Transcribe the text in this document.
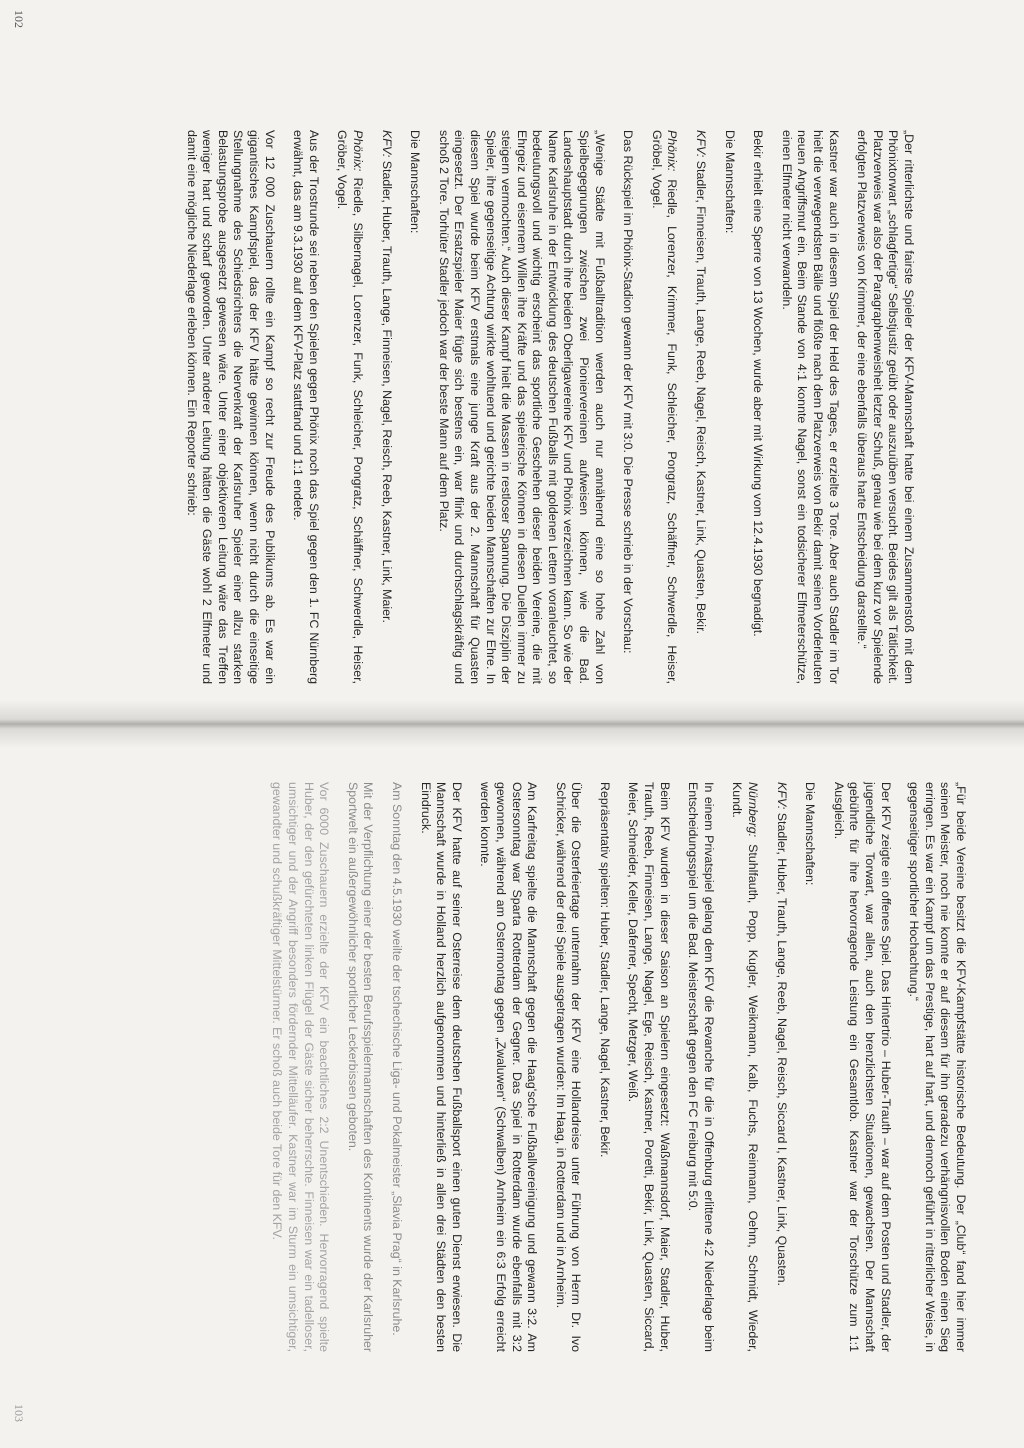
„Der ritterlichste und fairste Spieler der KFV-Mannschaft hatte bei einem Zusammenstoß mit dem Phönixtorwart „schlagfertige“ Selbstjustiz geübt oder auszuüben versucht. Beides gilt als Tätlichkeit. Platzverweis war also der Paragraphenweisheit letzter Schuß, genau wie bei dem kurz vor Spielende erfolgten Platzverweis von Krimmer, der eine ebenfalls überaus harte Entscheidung darstellte.“

Kastner war auch in diesem Spiel der Held des Tages, er erzielte 3 Tore. Aber auch Stadler im Tor hielt die verwegendsten Bälle und flößte nach dem Platzverweis von Bekir damit seinen Vorderleuten neuen Angriffsmut ein. Beim Stande von 4:1 konnte Nagel, sonst ein todsicherer Elfmeterschütze, einen Elfmeter nicht verwandeln.

Bekir erhielt eine Sperre von 13 Wochen, wurde aber mit Wirkung vom 12.4.1930 begnadigt.

Die Mannschaften:

KFV: Stadler, Finneisen, Trauth, Lange, Reeb, Nagel, Reisch, Kastner, Link, Quasten, Bekir.

Phönix: Riedle, Lorenzer, Krimmer, Funk, Schleicher, Pongratz, Schäffner, Schwerdle, Heiser, Gröbel, Vogel.

Das Rückspiel im Phönix-Stadion gewann der KFV mit 3:0. Die Presse schrieb in der Vorschau:

„Wenige Städte mit Fußballtradition werden auch nur annähernd eine so hohe Zahl von Spielbegegnungen zwischen zwei Pioniervereinen aufweisen können, wie die Bad. Landeshauptstadt durch ihre beiden Oberligavereine KFV und Phönix verzeichnen kann. So wie der Name Karlsruhe in der Entwicklung des deutschen Fußballs mit goldenen Lettern voranleuchtet, so bedeutungsvoll und wichtig erscheint das sportliche Geschehen dieser beiden Vereine, die mit Ehrgeiz und eisernem Willen ihre Kräfte und das spielerische Können in diesen Duellen immer zu steigern vermochten.“ Auch dieser Kampf hielt die Massen in restloser Spannung. Die Disziplin der Spieler, ihre gegenseitige Achtung wirkte wohltuend und gerichte beiden Mannschaften zur Ehre. In diesem Spiel wurde beim KFV erstmals eine junge Kraft aus der 2. Mannschaft für Quasten eingesetzt. Der Ersatzspieler Maier fügte sich bestens ein, war flink und durchschlagskräftig und schoß 2 Tore. Torhüter Stadler jedoch war der beste Mann auf dem Platz.

Die Mannschaften:

KFV: Stadler, Huber, Trauth, Lange, Finneisen, Nagel, Reisch, Reeb, Kastner, Link, Maier.

Phönix: Riedle, Silbernagel, Lorenzer, Funk, Schleicher, Pongratz, Schäffner, Schwerdle, Heiser, Gröber, Vogel.

Aus der Trostrunde sei neben den Spielen gegen Phönix noch das Spiel gegen den 1. FC Nürnberg erwähnt, das am 9.3.1930 auf dem KFV-Platz stattfand und 1:1 endete.

Vor 12 000 Zuschauern rollte ein Kampf so recht zur Freude des Publikums ab. Es war ein gigantisches Kampfspiel, das der KFV hätte gewinnen können, wenn nicht durch die einseitige Stellungnahme des Schiedsrichters die Nervenkraft der Karlsruher Spieler einer allzu starken Belastungsprobe ausgesetzt gewesen wäre. Unter einer objektiveren Leitung wäre das Treffen weniger hart und scharf geworden. Unter anderer Leitung hätten die Gäste wohl 2 Elfmeter und damit eine mögliche Niederlage erleben können. Ein Reporter schrieb:

„Für beide Vereine besitzt die KFV-Kampfstätte historische Bedeutung. Der „Club“ fand hier immer seinen Meister, noch nie konnte er auf diesem für ihn geradezu verhängnisvollen Boden einen Sieg erringen. Es war ein Kampf um das Prestige, hart auf hart, und dennoch geführt in ritterlicher Weise, in gegenseitiger sportlicher Hochachtung.“

Der KFV zeigte ein offenes Spiel. Das Hintertrio – Huber-Trauth – war auf dem Posten und Stadler, der jugendliche Torwart, war allen, auch den brenzlichsten Situationen, gewachsen. Der Mannschaft gebührte für ihre hervorragende Leistung ein Gesamtlob. Kastner war der Torschütze zum 1:1 Ausgleich.

Die Mannschaften:

KFV: Stadler, Huber, Trauth, Lange, Reeb, Nagel, Reisch, Siccard I, Kastner, Link, Quasten.

Nürnberg: Stuhlfauth, Popp, Kugler, Weikmann, Kalb, Fuchs, Reinmann, Oehm, Schmidt, Wieder, Kundt.

In einem Privatspiel gelang dem KFV die Revanche für die in Offenburg erlittene 4:2 Niederlage beim Entscheidungsspiel um die Bad. Meisterschaft gegen den FC Freiburg mit 5:0.

Beim KFV wurden in dieser Saison an Spielern eingesetzt: Waßmannsdorf, Maier, Stadler, Huber, Trauth, Reeb, Finneisen, Lange, Nagel, Ege, Reisch, Kastner, Poretti, Bekir, Link, Quasten, Siccard, Meier, Schneider, Keller, Daferner, Specht, Metzger, Weiß.

Repräsentativ spielten: Huber, Stadler, Lange, Nagel, Kastner, Bekir.

Über die Osterfeiertage unternahm der KFV eine Hollandreise unter Führung von Herrn Dr. Ivo Schricker, während der drei Spiele ausgetragen wurden: Im Haag, in Rotterdam und in Arnheim.

Am Karfreitag spielte die Mannschaft gegen die Haag'sche Fußballvereinigung und gewann 3:2. Am Ostersonntag war Sparta Rotterdam der Gegner. Das Spiel in Rotterdam wurde ebenfalls mit 3:2 gewonnen, während am Ostermontag gegen „Zwaluwen“ (Schwalben) Arnheim ein 6:3 Erfolg erreicht werden konnte.

Der KFV hatte auf seiner Osterreise dem deutschen Fußballsport einen guten Dienst erwiesen. Die Mannschaft wurde in Holland herzlich aufgenommen und hinterließ in allen drei Städten den besten Eindruck.

Am Sonntag den 4.5.1930 weilte der tschechische Liga- und Pokalmeister „Slavia Prag“ in Karlsruhe.

Mit der Verpflichtung einer der besten Berufsspielermannschaften des Kontinents wurde der Karlsruher Sportwelt ein außergewöhnlicher sportlicher Leckerbissen geboten.

Vor 6000 Zuschauern erzielte der KFV ein beachtliches 2:2 Unentschieden. Hervorragend spielte Huber, der den gefürchteten linken Flügel der Gäste sicher beherrschte. Finneisen war ein tadelloser, umsichtiger und der Angriff besonders fördernder Mittelläufer. Kastner war im Sturm ein umsichtiger, gewandter und schußkräftiger Mittelstürmer. Er schoß auch beide Tore für den KFV.

102
103
